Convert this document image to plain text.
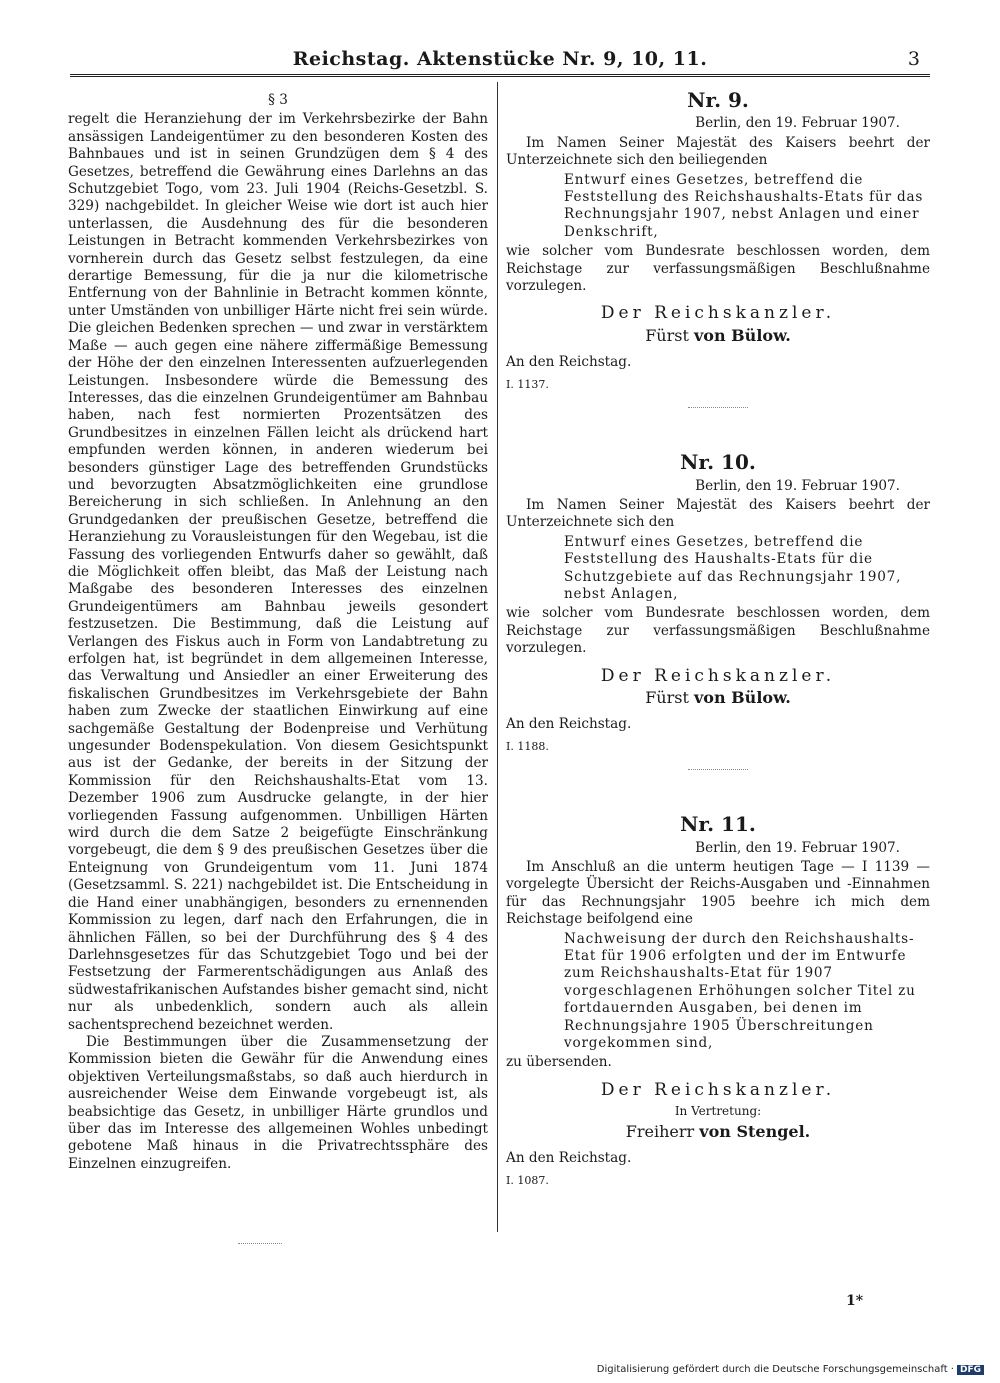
Reichstag. Aktenstücke Nr. 9, 10, 11.	3
§ 3

regelt die Heranziehung der im Verkehrsbezirke der Bahn ansässigen Landeigentümer zu den besonderen Kosten des Bahnbaues und ist in seinen Grundzügen dem § 4 des Gesetzes, betreffend die Gewährung eines Darlehns an das Schutzgebiet Togo, vom 23. Juli 1904 (Reichs-Gesetzbl. S. 329) nachgebildet. In gleicher Weise wie dort ist auch hier unterlassen, die Ausdehnung des für die besonderen Leistungen in Betracht kommenden Verkehrsbezirkes von vornherein durch das Gesetz selbst festzulegen, da eine derartige Bemessung, für die ja nur die kilometrische Entfernung von der Bahnlinie in Betracht kommen könnte, unter Umständen von unbilliger Härte nicht frei sein würde. Die gleichen Bedenken sprechen — und zwar in verstärktem Maße — auch gegen eine nähere ziffermäßige Bemessung der Höhe der den einzelnen Interessenten aufzuerlegenden Leistungen. Insbesondere würde die Bemessung des Interesses, das die einzelnen Grundeigentümer am Bahnbau haben, nach fest normierten Prozentsätzen des Grundbesitzes in einzelnen Fällen leicht als drückend hart empfunden werden können, in anderen wiederum bei besonders günstiger Lage des betreffenden Grundstücks und bevorzugten Absatzmöglichkeiten eine grundlose Bereicherung in sich schließen. In Anlehnung an den Grundgedanken der preußischen Gesetze, betreffend die Heranziehung zu Vorausleistungen für den Wegebau, ist die Fassung des vorliegenden Entwurfs daher so gewählt, daß die Möglichkeit offen bleibt, das Maß der Leistung nach Maßgabe des besonderen Interesses des einzelnen Grundeigentümers am Bahnbau jeweils gesondert festzusetzen. Die Bestimmung, daß die Leistung auf Verlangen des Fiskus auch in Form von Landabtretung zu erfolgen hat, ist begründet in dem allgemeinen Interesse, das Verwaltung und Ansiedler an einer Erweiterung des fiskalischen Grundbesitzes im Verkehrsgebiete der Bahn haben zum Zwecke der staatlichen Einwirkung auf eine sachgemäße Gestaltung der Bodenpreise und Verhütung ungesunder Bodenspekulation. Von diesem Gesichtspunkt aus ist der Gedanke, der bereits in der Sitzung der Kommission für den Reichshaushalts-Etat vom 13. Dezember 1906 zum Ausdrucke gelangte, in der hier vorliegenden Fassung aufgenommen. Unbilligen Härten wird durch die dem Satze 2 beigefügte Einschränkung vorgebeugt, die dem § 9 des preußischen Gesetzes über die Enteignung von Grundeigentum vom 11. Juni 1874 (Gesetzsamml. S. 221) nachgebildet ist. Die Entscheidung in die Hand einer unabhängigen, besonders zu ernennenden Kommission zu legen, darf nach den Erfahrungen, die in ähnlichen Fällen, so bei der Durchführung des § 4 des Darlehnsgesetzes für das Schutzgebiet Togo und bei der Festsetzung der Farmerentschädigungen aus Anlaß des südwestafrikanischen Aufstandes bisher gemacht sind, nicht nur als unbedenklich, sondern auch als allein sachentsprechend bezeichnet werden.

Die Bestimmungen über die Zusammensetzung der Kommission bieten die Gewähr für die Anwendung eines objektiven Verteilungsmaßstabs, so daß auch hierdurch in ausreichender Weise dem Einwande vorgebeugt ist, als beabsichtige das Gesetz, in unbilliger Härte grundlos und über das im Interesse des allgemeinen Wohles unbedingt gebotene Maß hinaus in die Privatrechtssphäre des Einzelnen einzugreifen.

Nr. 9.
Berlin, den 19. Februar 1907.

Im Namen Seiner Majestät des Kaisers beehrt der Unterzeichnete sich den beiliegenden

Entwurf eines Gesetzes, betreffend die Feststellung des Reichshaushalts-Etats für das Rechnungsjahr 1907, nebst Anlagen und einer Denkschrift,

wie solcher vom Bundesrate beschlossen worden, dem Reichstage zur verfassungsmäßigen Beschlußnahme vorzulegen.

Der Reichskanzler.
Fürst von Bülow.
An den Reichstag.
I. 1137.
Nr. 10.
Berlin, den 19. Februar 1907.

Im Namen Seiner Majestät des Kaisers beehrt der Unterzeichnete sich den

Entwurf eines Gesetzes, betreffend die Feststellung des Haushalts-Etats für die Schutzgebiete auf das Rechnungsjahr 1907, nebst Anlagen,

wie solcher vom Bundesrate beschlossen worden, dem Reichstage zur verfassungsmäßigen Beschlußnahme vorzulegen.

Der Reichskanzler.
Fürst von Bülow.
An den Reichstag.
I. 1188.
Nr. 11.
Berlin, den 19. Februar 1907.

Im Anschluß an die unterm heutigen Tage — I 1139 — vorgelegte Übersicht der Reichs-Ausgaben und -Einnahmen für das Rechnungsjahr 1905 beehre ich mich dem Reichstage beifolgend eine

Nachweisung der durch den Reichshaushalts-Etat für 1906 erfolgten und der im Entwurfe zum Reichshaushalts-Etat für 1907 vorgeschlagenen Erhöhungen solcher Titel zu fortdauernden Ausgaben, bei denen im Rechnungsjahre 1905 Überschreitungen vorgekommen sind,

zu übersenden.

Der Reichskanzler.
In Vertretung:
Freiherr von Stengel.
An den Reichstag.
I. 1087.
1*
Digitalisierung gefördert durch die Deutsche Forschungsgemeinschaft · DFG
